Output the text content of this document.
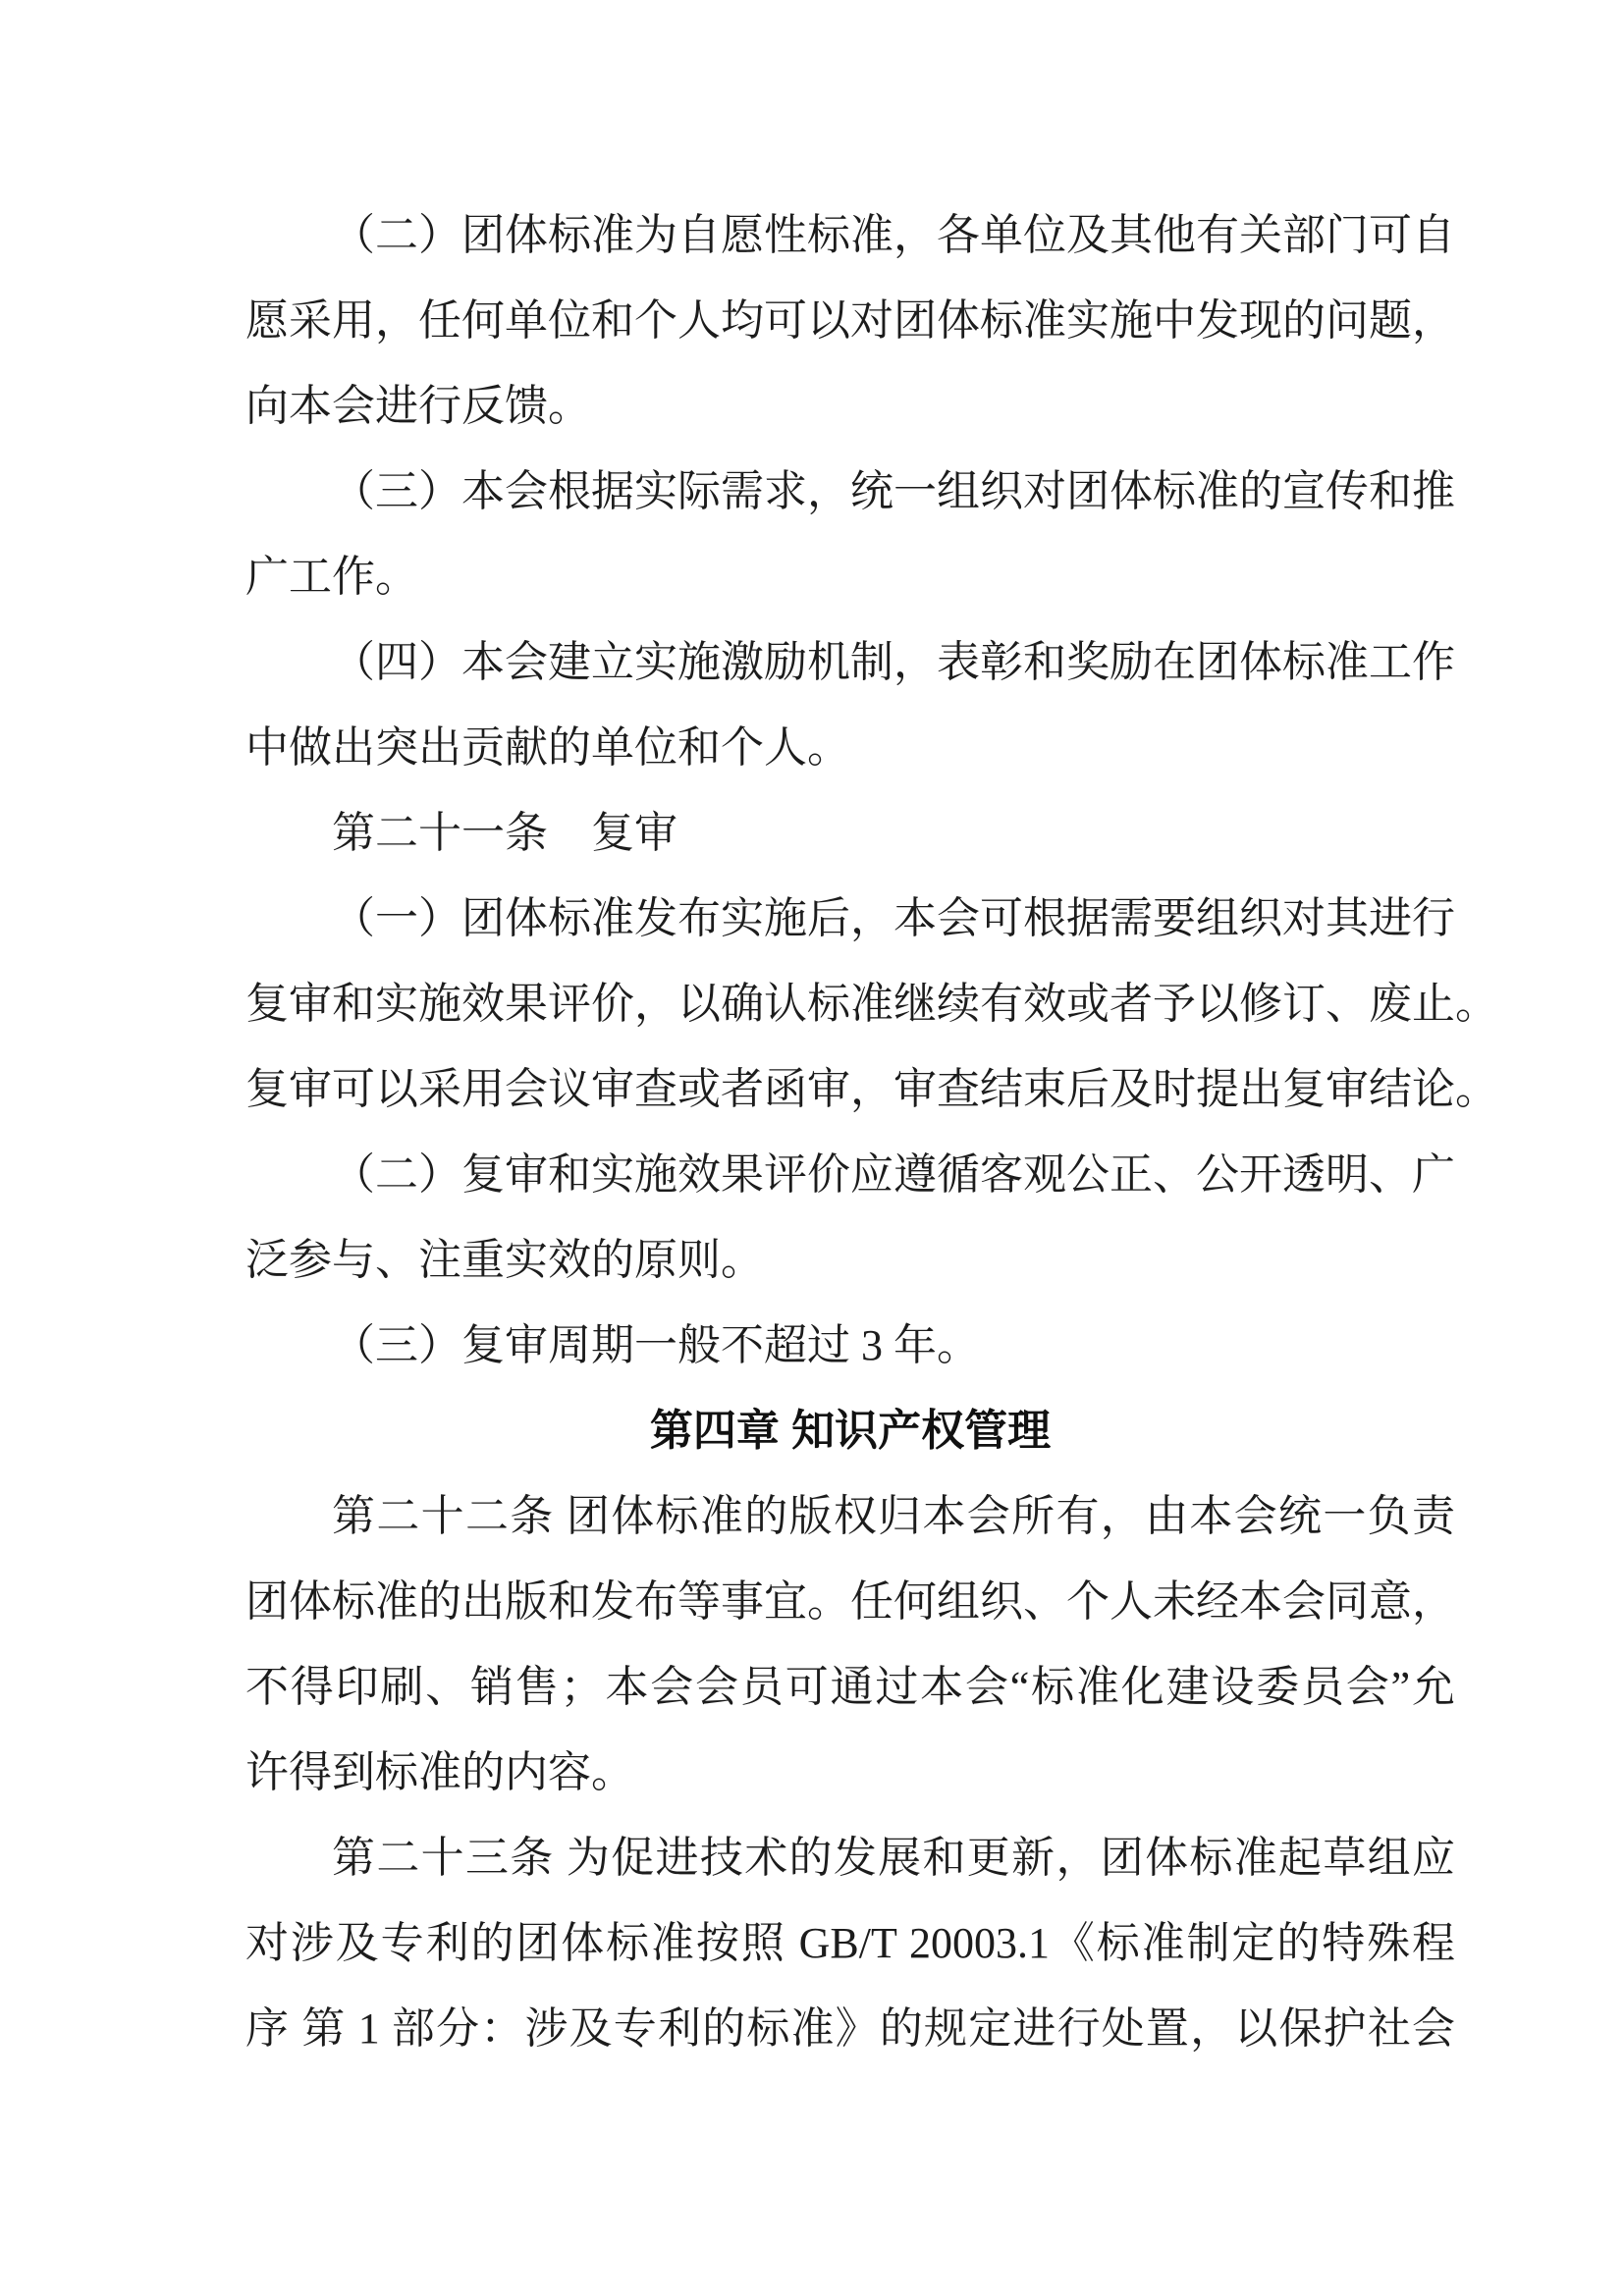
（二）团体标准为自愿性标准，各单位及其他有关部门可自
愿采用，任何单位和个人均可以对团体标准实施中发现的问题，
向本会进行反馈。
（三）本会根据实际需求，统一组织对团体标准的宣传和推
广工作。
（四）本会建立实施激励机制，表彰和奖励在团体标准工作
中做出突出贡献的单位和个人。
第二十一条　复审
（一）团体标准发布实施后，本会可根据需要组织对其进行
复审和实施效果评价，以确认标准继续有效或者予以修订、废止。
复审可以采用会议审查或者函审，审查结束后及时提出复审结论。
（二）复审和实施效果评价应遵循客观公正、公开透明、广
泛参与、注重实效的原则。
（三）复审周期一般不超过 3 年。
第四章 知识产权管理
第二十二条 团体标准的版权归本会所有，由本会统一负责
团体标准的出版和发布等事宜。任何组织、个人未经本会同意，
不得印刷、销售；本会会员可通过本会“标准化建设委员会”允
许得到标准的内容。
第二十三条 为促进技术的发展和更新，团体标准起草组应
对涉及专利的团体标准按照 GB/T 20003.1《标准制定的特殊程
序 第 1 部分：涉及专利的标准》的规定进行处置，以保护社会
